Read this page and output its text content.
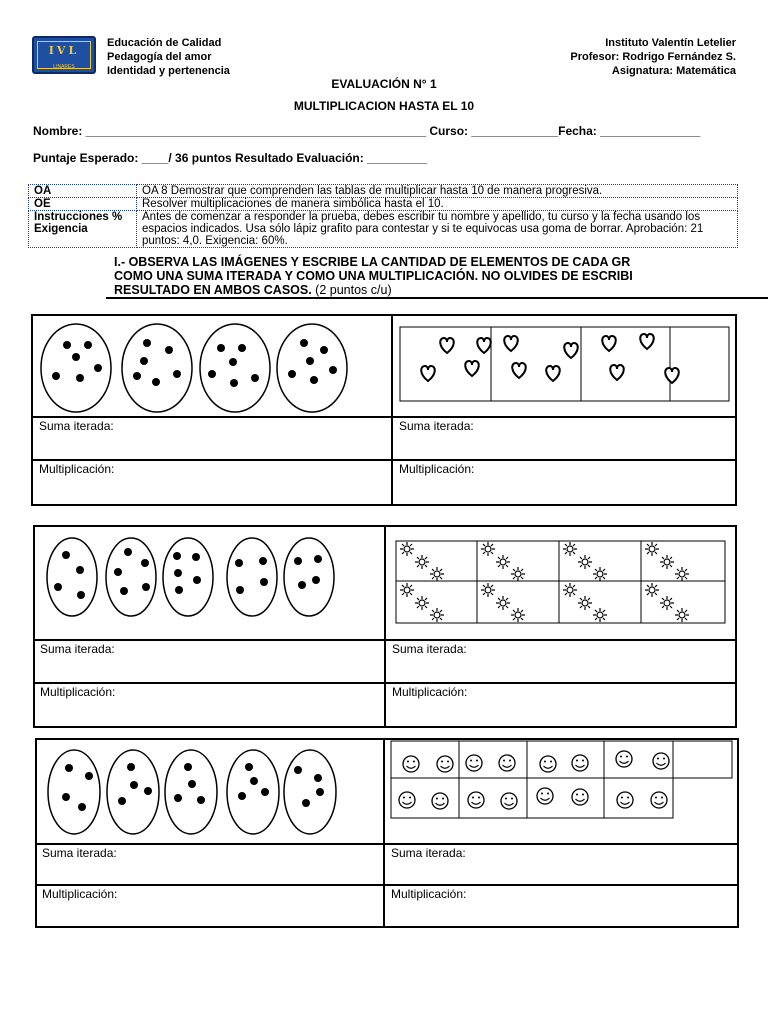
IVL
LINARES
Educación de Calidad
Pedagogía del amor
Identidad y pertenencia
Instituto Valentín Letelier
Profesor: Rodrigo Fernández S.
Asignatura: Matemática
EVALUACIÓN N° 1
MULTIPLICACION HASTA EL 10
Nombre: ___________________________________________________ Curso: _____________Fecha: _______________
Puntaje Esperado: ____/ 36 puntos Resultado Evaluación: _________
OA	OA 8 Demostrar que comprenden las tablas de multiplicar hasta 10 de manera progresiva.
OE	Resolver multiplicaciones de manera simbólica hasta el 10.
Instrucciones % Exigencia	Antes de comenzar a responder la prueba, debes escribir tu nombre y apellido, tu curso y la fecha usando los espacios indicados. Usa sólo lápiz grafito para contestar y si te equivocas usa goma de borrar. Aprobación: 21 puntos: 4,0. Exigencia: 60%.
I.- OBSERVA LAS IMÁGENES Y ESCRIBE LA CANTIDAD DE ELEMENTOS DE CADA GR
COMO UNA SUMA ITERADA Y COMO UNA MULTIPLICACIÓN. NO OLVIDES DE ESCRIBI
RESULTADO EN AMBOS CASOS. (2 puntos c/u)
Suma iterada:	Suma iterada:
Multiplicación:	Multiplicación:
Suma iterada:	Suma iterada:
Multiplicación:	Multiplicación:
Suma iterada:	Suma iterada:
Multiplicación:	Multiplicación:
